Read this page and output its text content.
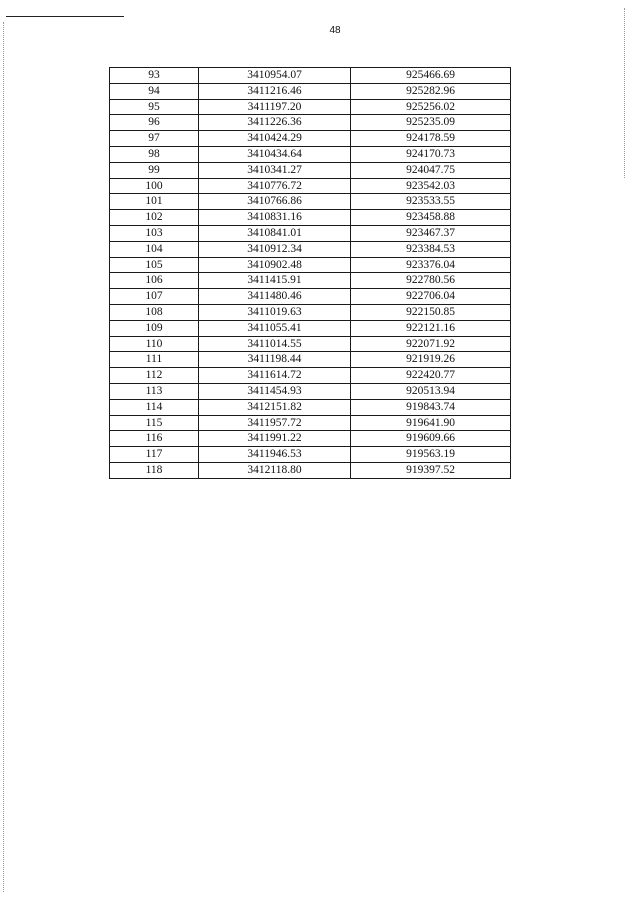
48
93	3410954.07	925466.69
94	3411216.46	925282.96
95	3411197.20	925256.02
96	3411226.36	925235.09
97	3410424.29	924178.59
98	3410434.64	924170.73
99	3410341.27	924047.75
100	3410776.72	923542.03
101	3410766.86	923533.55
102	3410831.16	923458.88
103	3410841.01	923467.37
104	3410912.34	923384.53
105	3410902.48	923376.04
106	3411415.91	922780.56
107	3411480.46	922706.04
108	3411019.63	922150.85
109	3411055.41	922121.16
110	3411014.55	922071.92
111	3411198.44	921919.26
112	3411614.72	922420.77
113	3411454.93	920513.94
114	3412151.82	919843.74
115	3411957.72	919641.90
116	3411991.22	919609.66
117	3411946.53	919563.19
118	3412118.80	919397.52
